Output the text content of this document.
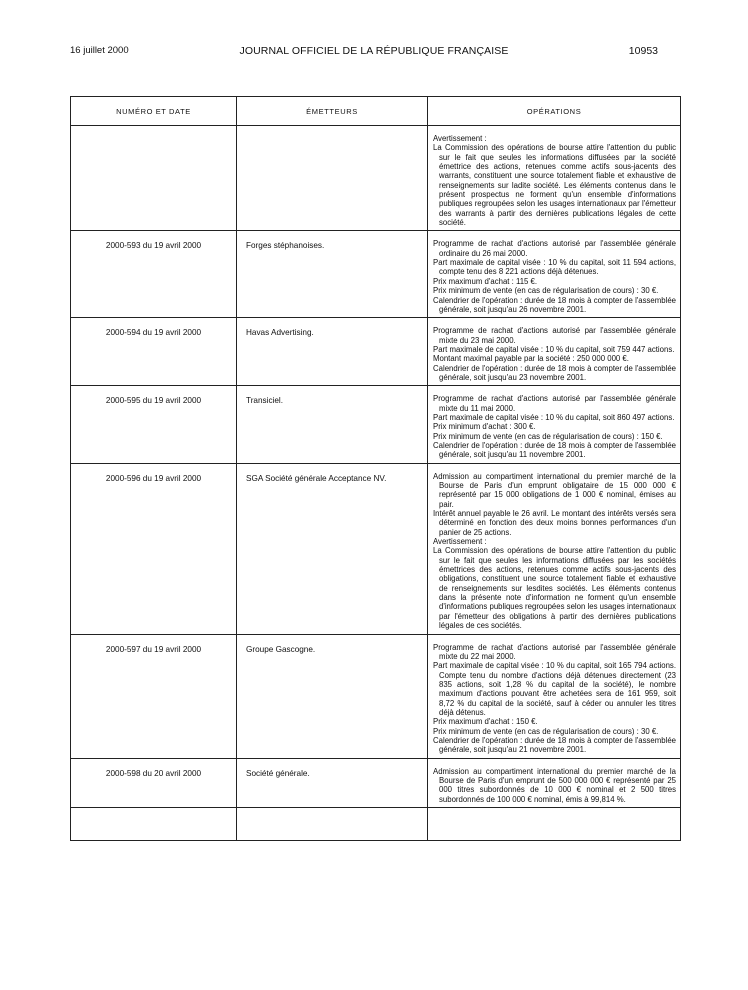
16 juillet 2000	JOURNAL OFFICIEL DE LA RÉPUBLIQUE FRANÇAISE	10953
NUMÉRO ET DATE	ÉMETTEURS	OPÉRATIONS

		Avertissement :

La Commission des opérations de bourse attire l'attention du public sur le fait que seules les informations diffusées par la société émettrice des actions, retenues comme actifs sous-jacents des warrants, constituent une source totalement fiable et exhaustive de renseignements sur ladite société. Les éléments contenus dans le présent prospectus ne forment qu'un ensemble d'informations publiques regroupées selon les usages internationaux par l'émetteur des warrants à partir des dernières publications légales de cette société.

2000-593 du 19 avril 2000	Forges stéphanoises.	Programme de rachat d'actions autorisé par l'assemblée générale ordinaire du 26 mai 2000.

Part maximale de capital visée : 10 % du capital, soit 11 594 actions, compte tenu des 8 221 actions déjà détenues.

Prix maximum d'achat : 115 €.

Prix minimum de vente (en cas de régularisation de cours) : 30 €.

Calendrier de l'opération : durée de 18 mois à compter de l'assemblée générale, soit jusqu'au 26 novembre 2001.

2000-594 du 19 avril 2000	Havas Advertising.	Programme de rachat d'actions autorisé par l'assemblée générale mixte du 23 mai 2000.

Part maximale de capital visée : 10 % du capital, soit 759 447 actions.

Montant maximal payable par la société : 250 000 000 €.

Calendrier de l'opération : durée de 18 mois à compter de l'assemblée générale, soit jusqu'au 23 novembre 2001.

2000-595 du 19 avril 2000	Transiciel.	Programme de rachat d'actions autorisé par l'assemblée générale mixte du 11 mai 2000.

Part maximale de capital visée : 10 % du capital, soit 860 497 actions.

Prix minimum d'achat : 300 €.

Prix minimum de vente (en cas de régularisation de cours) : 150 €.

Calendrier de l'opération : durée de 18 mois à compter de l'assemblée générale, soit jusqu'au 11 novembre 2001.

2000-596 du 19 avril 2000	SGA Société générale Acceptance NV.	Admission au compartiment international du premier marché de la Bourse de Paris d'un emprunt obligataire de 15 000 000 € représenté par 15 000 obligations de 1 000 € nominal, émises au pair.

Intérêt annuel payable le 26 avril. Le montant des intérêts versés sera déterminé en fonction des deux moins bonnes performances d'un panier de 25 actions.

Avertissement :

La Commission des opérations de bourse attire l'attention du public sur le fait que seules les informations diffusées par les sociétés émettrices des actions, retenues comme actifs sous-jacents des obligations, constituent une source totalement fiable et exhaustive de renseignements sur lesdites sociétés. Les éléments contenus dans la présente note d'information ne forment qu'un ensemble d'informations publiques regroupées selon les usages internationaux par l'émetteur des obligations à partir des dernières publications légales de ces sociétés.

2000-597 du 19 avril 2000	Groupe Gascogne.	Programme de rachat d'actions autorisé par l'assemblée générale mixte du 22 mai 2000.

Part maximale de capital visée : 10 % du capital, soit 165 794 actions. Compte tenu du nombre d'actions déjà détenues directement (23 835 actions, soit 1,28 % du capital de la société), le nombre maximum d'actions pouvant être achetées sera de 161 959, soit 8,72 % du capital de la société, sauf à céder ou annuler les titres déjà détenus.

Prix maximum d'achat : 150 €.

Prix minimum de vente (en cas de régularisation de cours) : 30 €.

Calendrier de l'opération : durée de 18 mois à compter de l'assemblée générale, soit jusqu'au 21 novembre 2001.

2000-598 du 20 avril 2000	Société générale.	Admission au compartiment international du premier marché de la Bourse de Paris d'un emprunt de 500 000 000 € représenté par 25 000 titres subordonnés de 10 000 € nominal et 2 500 titres subordonnés de 100 000 € nominal, émis à 99,814 %.
